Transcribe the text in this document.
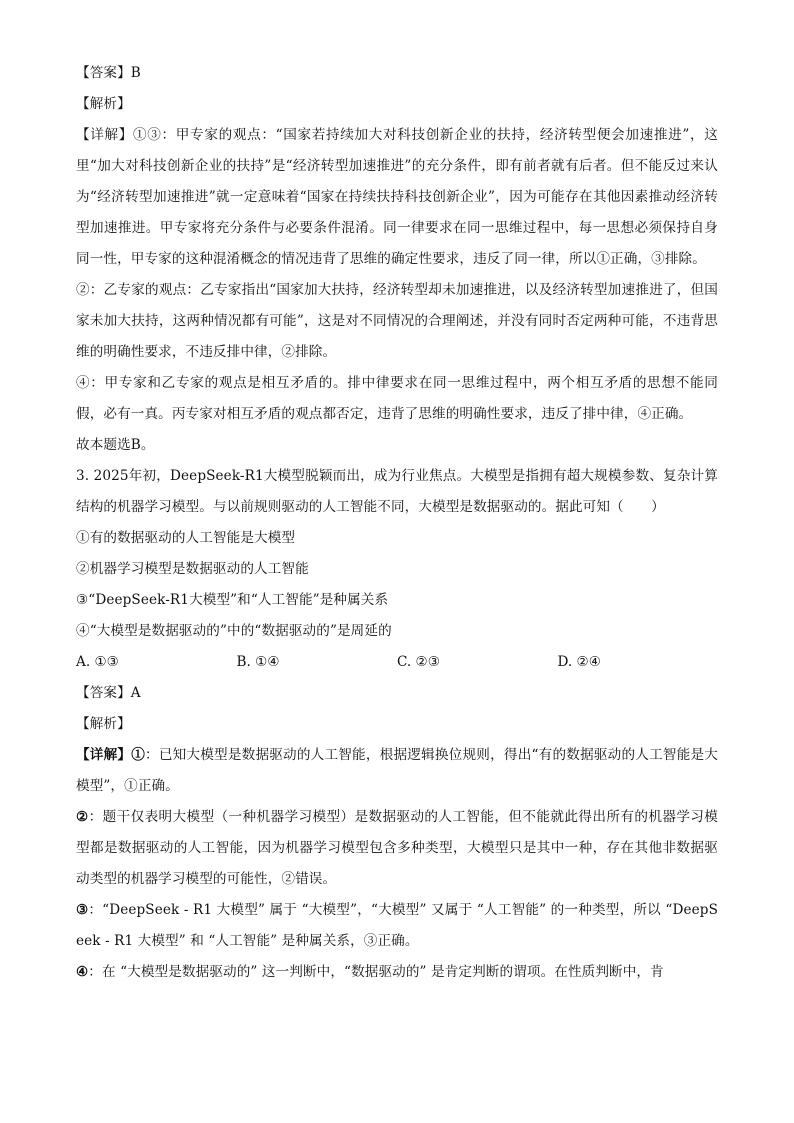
【答案】B

【解析】

【详解】①③：甲专家的观点：“国家若持续加大对科技创新企业的扶持，经济转型便会加速推进”，这里“加大对科技创新企业的扶持”是“经济转型加速推进”的充分条件，即有前者就有后者。但不能反过来认为“经济转型加速推进”就一定意味着“国家在持续扶持科技创新企业”，因为可能存在其他因素推动经济转型加速推进。甲专家将充分条件与必要条件混淆。同一律要求在同一思维过程中，每一思想必须保持自身同一性，甲专家的这种混淆概念的情况违背了思维的确定性要求，违反了同一律，所以①正确，③排除。

②：乙专家的观点：乙专家指出“国家加大扶持，经济转型却未加速推进，以及经济转型加速推进了，但国家未加大扶持，这两种情况都有可能”，这是对不同情况的合理阐述，并没有同时否定两种可能，不违背思维的明确性要求，不违反排中律，②排除。

④：甲专家和乙专家的观点是相互矛盾的。排中律要求在同一思维过程中，两个相互矛盾的思想不能同假，必有一真。丙专家对相互矛盾的观点都否定，违背了思维的明确性要求，违反了排中律，④正确。

故本题选B。

3. 2025年初，DeepSeek-R1大模型脱颖而出，成为行业焦点。大模型是指拥有超大规模参数、复杂计算结构的机器学习模型。与以前规则驱动的人工智能不同，大模型是数据驱动的。据此可知（　　）

①有的数据驱动的人工智能是大模型

②机器学习模型是数据驱动的人工智能

③“DeepSeek-R1大模型”和“人工智能”是种属关系

④“大模型是数据驱动的”中的“数据驱动的”是周延的

A. ①③	B. ①④	C. ②③	D. ②④

【答案】A

【解析】

【详解】①：已知大模型是数据驱动的人工智能，根据逻辑换位规则，得出“有的数据驱动的人工智能是大模型”，①正确。

②：题干仅表明大模型（一种机器学习模型）是数据驱动的人工智能，但不能就此得出所有的机器学习模型都是数据驱动的人工智能，因为机器学习模型包含多种类型，大模型只是其中一种，存在其他非数据驱动类型的机器学习模型的可能性，②错误。

③：“DeepSeek - R1 大模型” 属于 “大模型”，“大模型” 又属于 “人工智能” 的一种类型，所以 “DeepSeek - R1 大模型” 和 “人工智能” 是种属关系，③正确。

④：在 “大模型是数据驱动的” 这一判断中，“数据驱动的” 是肯定判断的谓项。在性质判断中，肯
